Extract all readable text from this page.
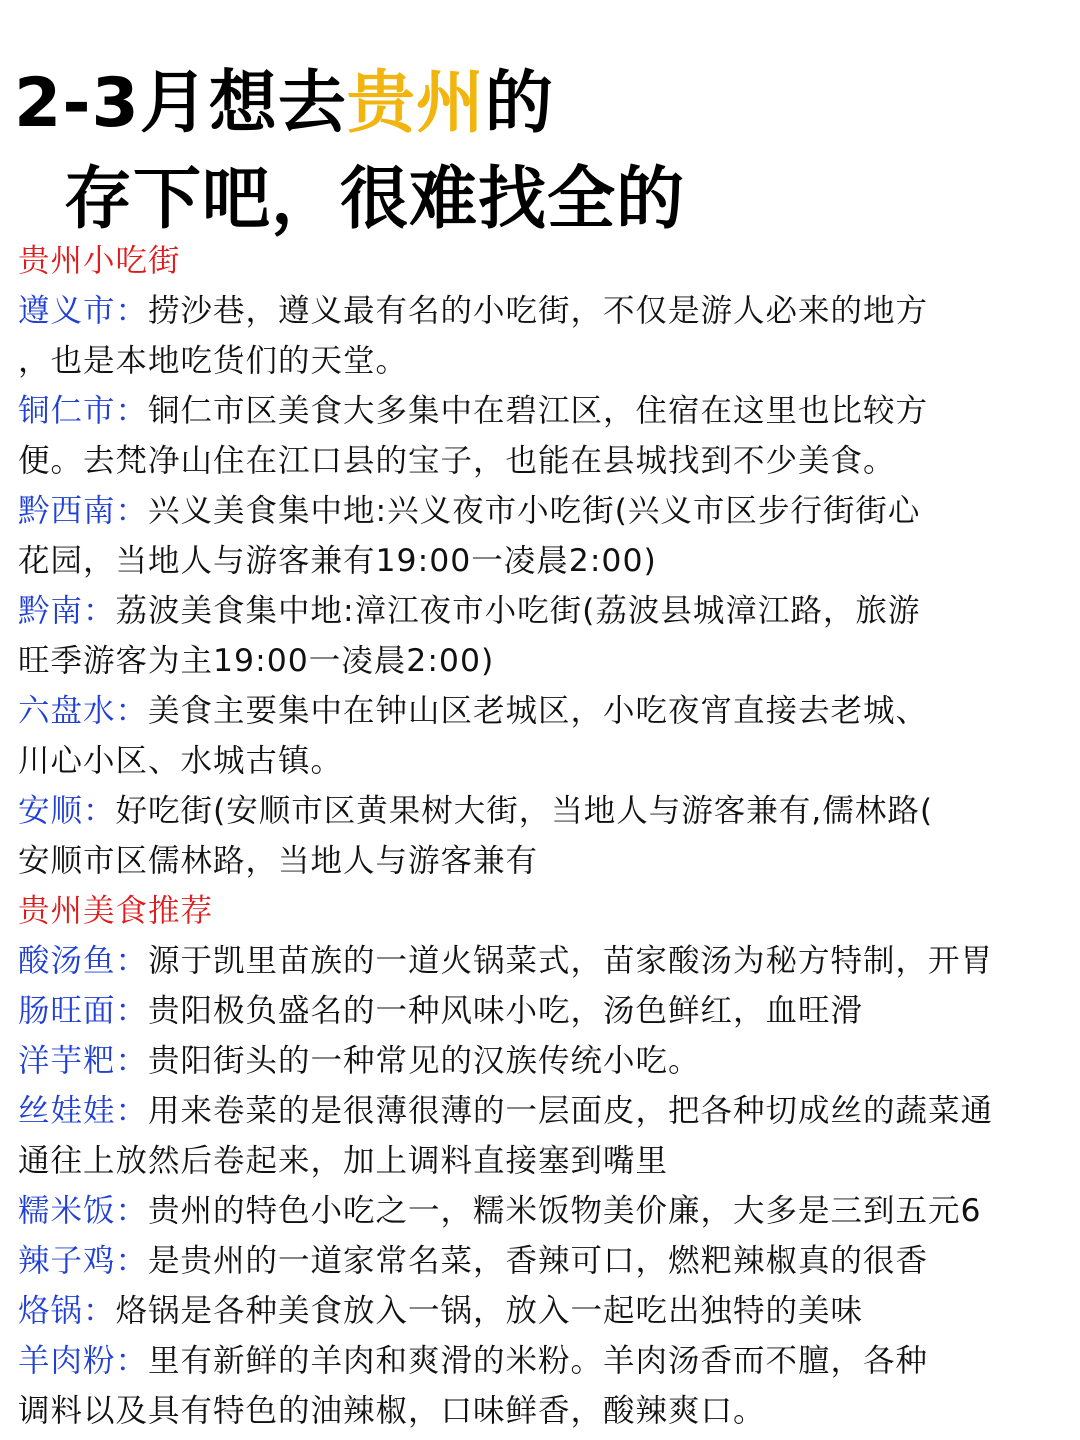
2-3月想去贵州的
存下吧，很难找全的
贵州小吃街
遵义市：捞沙巷，遵义最有名的小吃街，不仅是游人必来的地方
，也是本地吃货们的天堂。
铜仁市：铜仁市区美食大多集中在碧江区，住宿在这里也比较方
便。去梵净山住在江口县的宝子，也能在县城找到不少美食。
黔西南：兴义美食集中地:兴义夜市小吃街(兴义市区步行街街心
花园，当地人与游客兼有19:00一凌晨2:00)
黔南：荔波美食集中地:漳江夜市小吃街(荔波县城漳江路，旅游
旺季游客为主19:00一凌晨2:00)
六盘水：美食主要集中在钟山区老城区，小吃夜宵直接去老城、
川心小区、水城古镇。
安顺：好吃街(安顺市区黄果树大街，当地人与游客兼有,儒林路(
安顺市区儒林路，当地人与游客兼有
贵州美食推荐
酸汤鱼：源于凯里苗族的一道火锅菜式，苗家酸汤为秘方特制，开胃
肠旺面：贵阳极负盛名的一种风味小吃，汤色鲜红，血旺滑
洋芋粑：贵阳街头的一种常见的汉族传统小吃。
丝娃娃：用来卷菜的是很薄很薄的一层面皮，把各种切成丝的蔬菜通
通往上放然后卷起来，加上调料直接塞到嘴里
糯米饭：贵州的特色小吃之一，糯米饭物美价廉，大多是三到五元6
辣子鸡：是贵州的一道家常名菜，香辣可口，燃粑辣椒真的很香
烙锅：烙锅是各种美食放入一锅，放入一起吃出独特的美味
羊肉粉：里有新鲜的羊肉和爽滑的米粉。羊肉汤香而不膻，各种
调料以及具有特色的油辣椒，口味鲜香，酸辣爽口。
